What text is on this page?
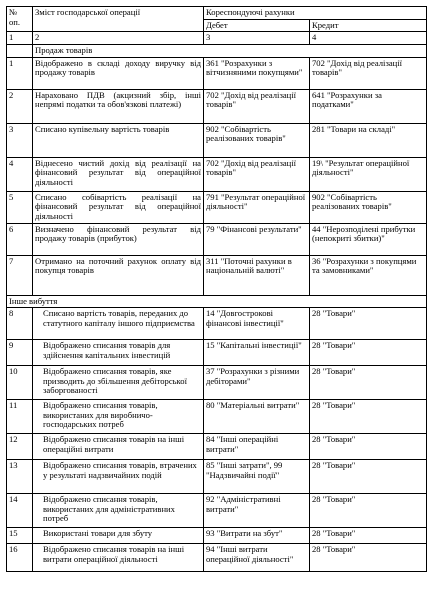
№ оп.	Зміст господарської операції	Кореспондуючі рахунки	
		Дебет	Кредит
1	2	3	4
	Продаж товарів		
1	Відображено в складі доходу виручку від продажу товарів	361 "Розрахунки з вітчизняними покупцями"	702 "Дохід від реалізації товарів"
2	Нараховано ПДВ (акцизний збір, інші непрямі податки та обов'язкові платежі)	702 "Дохід від реалізації товарів"	641 "Розрахунки за податками"
3	Списано купівельну вартість товарів	902 "Собівартість реалізованих товарів"	281 "Товари на складі"
4	Віднесено чистий дохід від реалізації на фінансовий результат від операційної діяльності	702 "Дохід від реалізації товарів"	19\ "Результат операційної діяльності"
5	Списано собівартість реалізації на фінансовий результат від операційної діяльності	791 "Результат операційної діяльності"	902 "Собівартість реалізованих товарів"
6	Визначено фінансовий результат від продажу товарів (прибуток)	79 "Фінансові результати"	44 "Нерозподілені прибутки (непокриті збитки)"
7	Отримано на поточний рахунок оплату від покупця товарів	311 "Поточні рахунки в національній валюті"	36 "Розрахунки з покупцями та замовниками"
Інше вибуття			
8	Списано вартість товарів, переданих до статутного капіталу іншого підприємства	14 "Довгострокові фінансові інвестиції"	28 "Товари"
9	Відображено списання товарів для здійснення капітальних інвестицій	15 "Капітальні інвестиції"	28 "Товари"
10	Відображено списання товарів, яке призводить до збільшення дебіторської заборгованості	37 "Розрахунки з різними дебіторами"	28 "Товари"
11	Відображено списання товарів, використаних для виробничо-господарських потреб	80 "Матеріальні витрати"	28 "Товари"
12	Відображено списання товарів на інші операційні витрати	84 "Інші операційні витрати"	28 "Товари"
13	Відображено списання товарів, втрачених у результаті надзвичайних подій	85 "Інші затрати", 99 "Надзвичайні події"	28 "Товари"
14	Відображено списання товарів, використаних для адміністративних потреб	92 "Адміністративні витрати"	28 "Товари"
15	Використані товари для збуту	93 "Витрати на збут"	28 "Товари"
16	Відображено списання товарів на інші витрати операційної діяльності	94 "Інші витрати операційної діяльності"	28 "Товари"
